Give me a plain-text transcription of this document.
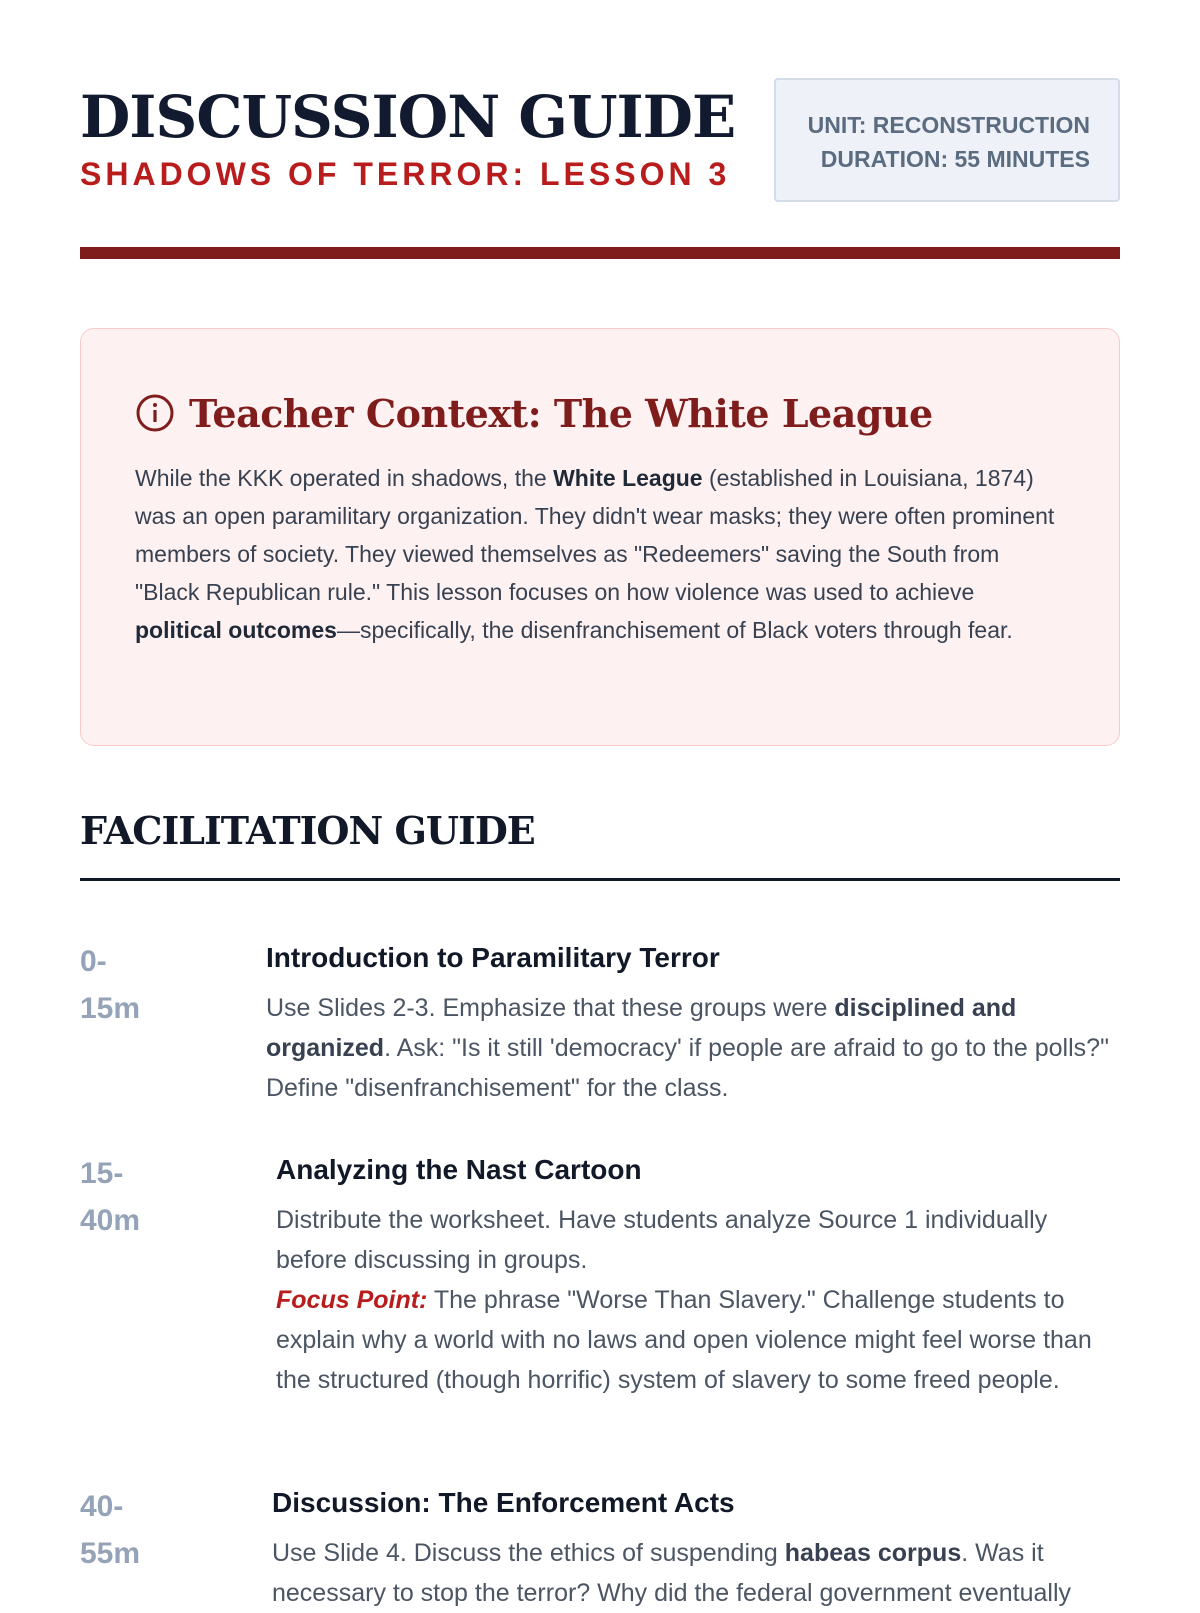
DISCUSSION GUIDE
SHADOWS OF TERROR: LESSON 3
UNIT: RECONSTRUCTION
DURATION: 55 MINUTES
Teacher Context: The White League
While the KKK operated in shadows, the White League (established in Louisiana, 1874) was an open paramilitary organization. They didn't wear masks; they were often prominent members of society. They viewed themselves as "Redeemers" saving the South from "Black Republican rule." This lesson focuses on how violence was used to achieve political outcomes—specifically, the disenfranchisement of Black voters through fear.
FACILITATION GUIDE
0-
15m
Introduction to Paramilitary Terror
Use Slides 2-3. Emphasize that these groups were disciplined and organized. Ask: "Is it still 'democracy' if people are afraid to go to the polls?" Define "disenfranchisement" for the class.
15-
40m
Analyzing the Nast Cartoon
Distribute the worksheet. Have students analyze Source 1 individually before discussing in groups.
Focus Point: The phrase "Worse Than Slavery." Challenge students to explain why a world with no laws and open violence might feel worse than the structured (though horrific) system of slavery to some freed people.
40-
55m
Discussion: The Enforcement Acts
Use Slide 4. Discuss the ethics of suspending habeas corpus. Was it necessary to stop the terror? Why did the federal government eventually
